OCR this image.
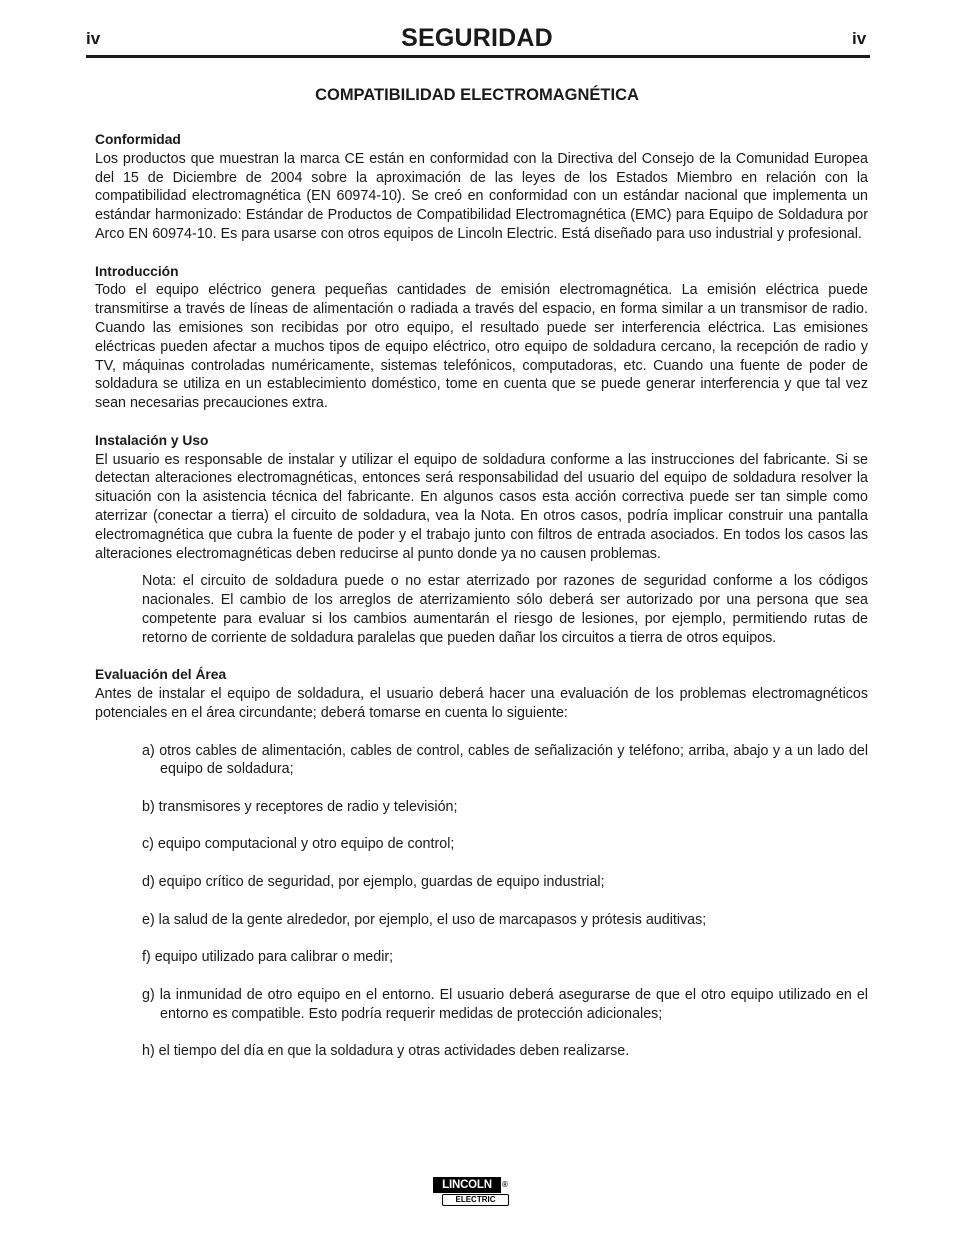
iv	SEGURIDAD	iv
COMPATIBILIDAD ELECTROMAGNÉTICA

Conformidad

Los productos que muestran la marca CE están en conformidad con la Directiva del Consejo de la Comunidad Europea del 15 de Diciembre de 2004 sobre la aproximación de las leyes de los Estados Miembro en relación con la compatibilidad electromagnética (EN 60974-10). Se creó en conformidad con un estándar nacional que implementa un estándar harmonizado: Estándar de Productos de Compatibilidad Electromagnética (EMC) para Equipo de Soldadura por Arco EN 60974-10. Es para usarse con otros equipos de Lincoln Electric. Está diseñado para uso industrial y profesional.

Introducción

Todo el equipo eléctrico genera pequeñas cantidades de emisión electromagnética. La emisión eléctrica puede transmitirse a través de líneas de alimentación o radiada a través del espacio, en forma similar a un transmisor de radio. Cuando las emisiones son recibidas por otro equipo, el resultado puede ser interferencia eléctrica. Las emisiones eléctricas pueden afectar a muchos tipos de equipo eléctrico, otro equipo de soldadura cercano, la recepción de radio y TV, máquinas controladas numéricamente, sistemas telefónicos, computadoras, etc. Cuando una fuente de poder de soldadura se utiliza en un establecimiento doméstico, tome en cuenta que se puede generar interferencia y que tal vez sean necesarias precauciones extra.

Instalación y Uso

El usuario es responsable de instalar y utilizar el equipo de soldadura conforme a las instrucciones del fabricante. Si se detectan alteraciones electromagnéticas, entonces será responsabilidad del usuario del equipo de soldadura resolver la situación con la asistencia técnica del fabricante. En algunos casos esta acción correctiva puede ser tan simple como aterrizar (conectar a tierra) el circuito de soldadura, vea la Nota. En otros casos, podría implicar construir una pantalla electromagnética que cubra la fuente de poder y el trabajo junto con filtros de entrada asociados. En todos los casos las alteraciones electromagnéticas deben reducirse al punto donde ya no causen problemas.

Nota: el circuito de soldadura puede o no estar aterrizado por razones de seguridad conforme a los códigos nacionales. El cambio de los arreglos de aterrizamiento sólo deberá ser autorizado por una persona que sea competente para evaluar si los cambios aumentarán el riesgo de lesiones, por ejemplo, permitiendo rutas de retorno de corriente de soldadura paralelas que pueden dañar los circuitos a tierra de otros equipos.

Evaluación del Área

Antes de instalar el equipo de soldadura, el usuario deberá hacer una evaluación de los problemas electromagnéticos potenciales en el área circundante; deberá tomarse en cuenta lo siguiente:

a) otros cables de alimentación, cables de control, cables de señalización y teléfono; arriba, abajo y a un lado del equipo de soldadura;
b) transmisores y receptores de radio y televisión;
c) equipo computacional y otro equipo de control;
d) equipo crítico de seguridad, por ejemplo, guardas de equipo industrial;
e) la salud de la gente alrededor, por ejemplo, el uso de marcapasos y prótesis auditivas;
f) equipo utilizado para calibrar o medir;
g) la inmunidad de otro equipo en el entorno. El usuario deberá asegurarse de que el otro equipo utilizado en el entorno es compatible. Esto podría requerir medidas de protección adicionales;
h) el tiempo del día en que la soldadura y otras actividades deben realizarse.
LINCOLN	®
ELECTRIC
